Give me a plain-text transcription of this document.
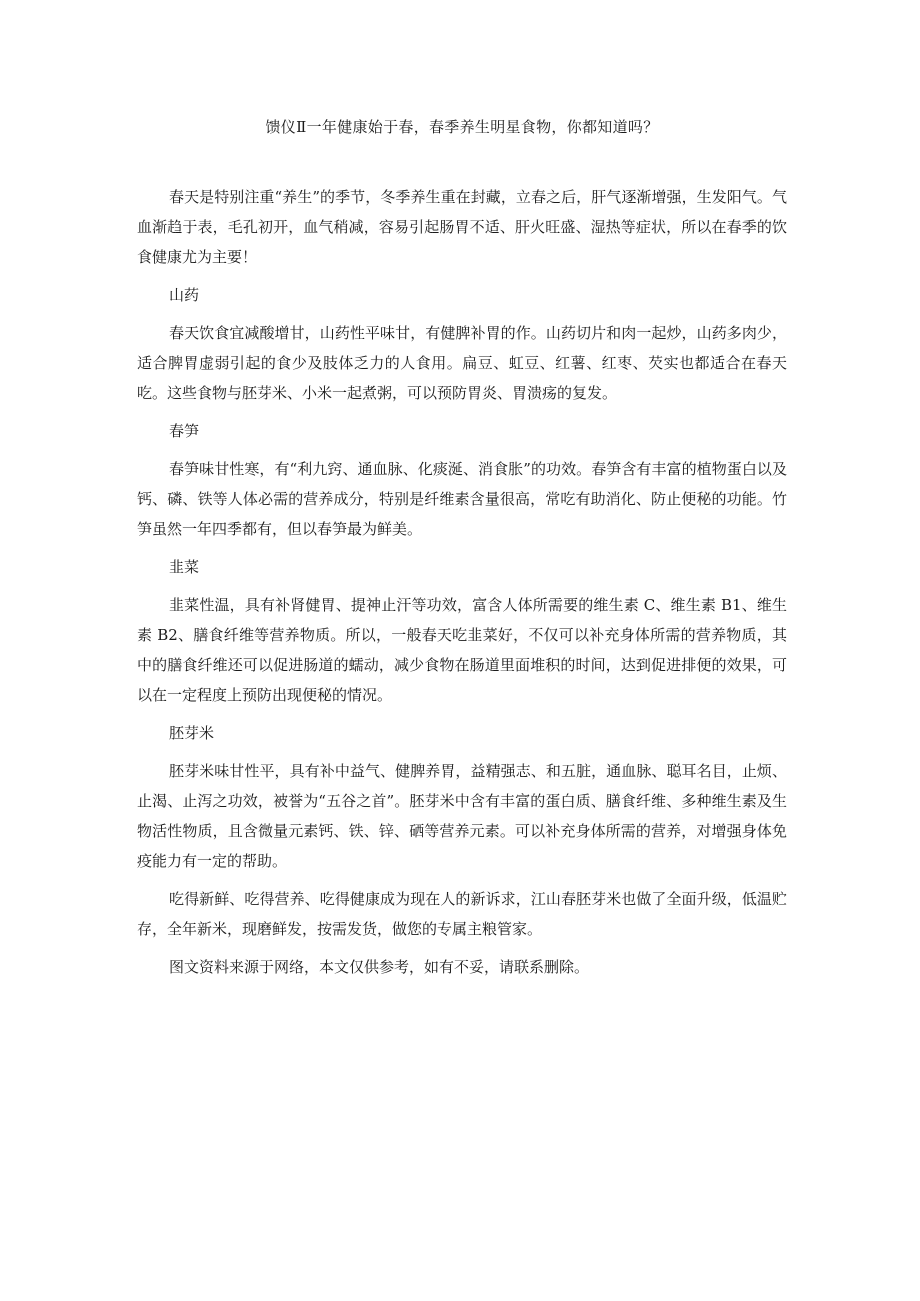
馈仪Ⅱ一年健康始于春，春季养生明星食物，你都知道吗？

春天是特别注重“养生”的季节，冬季养生重在封藏，立春之后，肝气逐渐增强，生发阳气。气血渐趋于表，毛孔初开，血气稍减，容易引起肠胃不适、肝火旺盛、湿热等症状，所以在春季的饮食健康尤为主要！

山药

春天饮食宜减酸增甘，山药性平味甘，有健脾补胃的作。山药切片和肉一起炒，山药多肉少，适合脾胃虚弱引起的食少及肢体乏力的人食用。扁豆、虹豆、红薯、红枣、芡实也都适合在春天吃。这些食物与胚芽米、小米一起煮粥，可以预防胃炎、胃溃疡的复发。

春笋

春笋味甘性寒，有“利九窍、通血脉、化痰涎、消食胀”的功效。春笋含有丰富的植物蛋白以及钙、磷、铁等人体必需的营养成分，特别是纤维素含量很高，常吃有助消化、防止便秘的功能。竹笋虽然一年四季都有，但以春笋最为鲜美。

韭菜

韭菜性温，具有补肾健胃、提神止汗等功效，富含人体所需要的维生素 C、维生素 B1、维生素 B2、膳食纤维等营养物质。所以，一般春天吃韭菜好，不仅可以补充身体所需的营养物质，其中的膳食纤维还可以促进肠道的蠕动，减少食物在肠道里面堆积的时间，达到促进排便的效果，可以在一定程度上预防出现便秘的情况。

胚芽米

胚芽米味甘性平，具有补中益气、健脾养胃，益精强志、和五脏，通血脉、聪耳名目，止烦、止渴、止泻之功效，被誉为“五谷之首”。胚芽米中含有丰富的蛋白质、膳食纤维、多种维生素及生物活性物质，且含微量元素钙、铁、锌、硒等营养元素。可以补充身体所需的营养，对增强身体免疫能力有一定的帮助。

吃得新鲜、吃得营养、吃得健康成为现在人的新诉求，江山春胚芽米也做了全面升级，低温贮存，全年新米，现磨鲜发，按需发货，做您的专属主粮管家。

图文资料来源于网络，本文仅供参考，如有不妥，请联系删除。
